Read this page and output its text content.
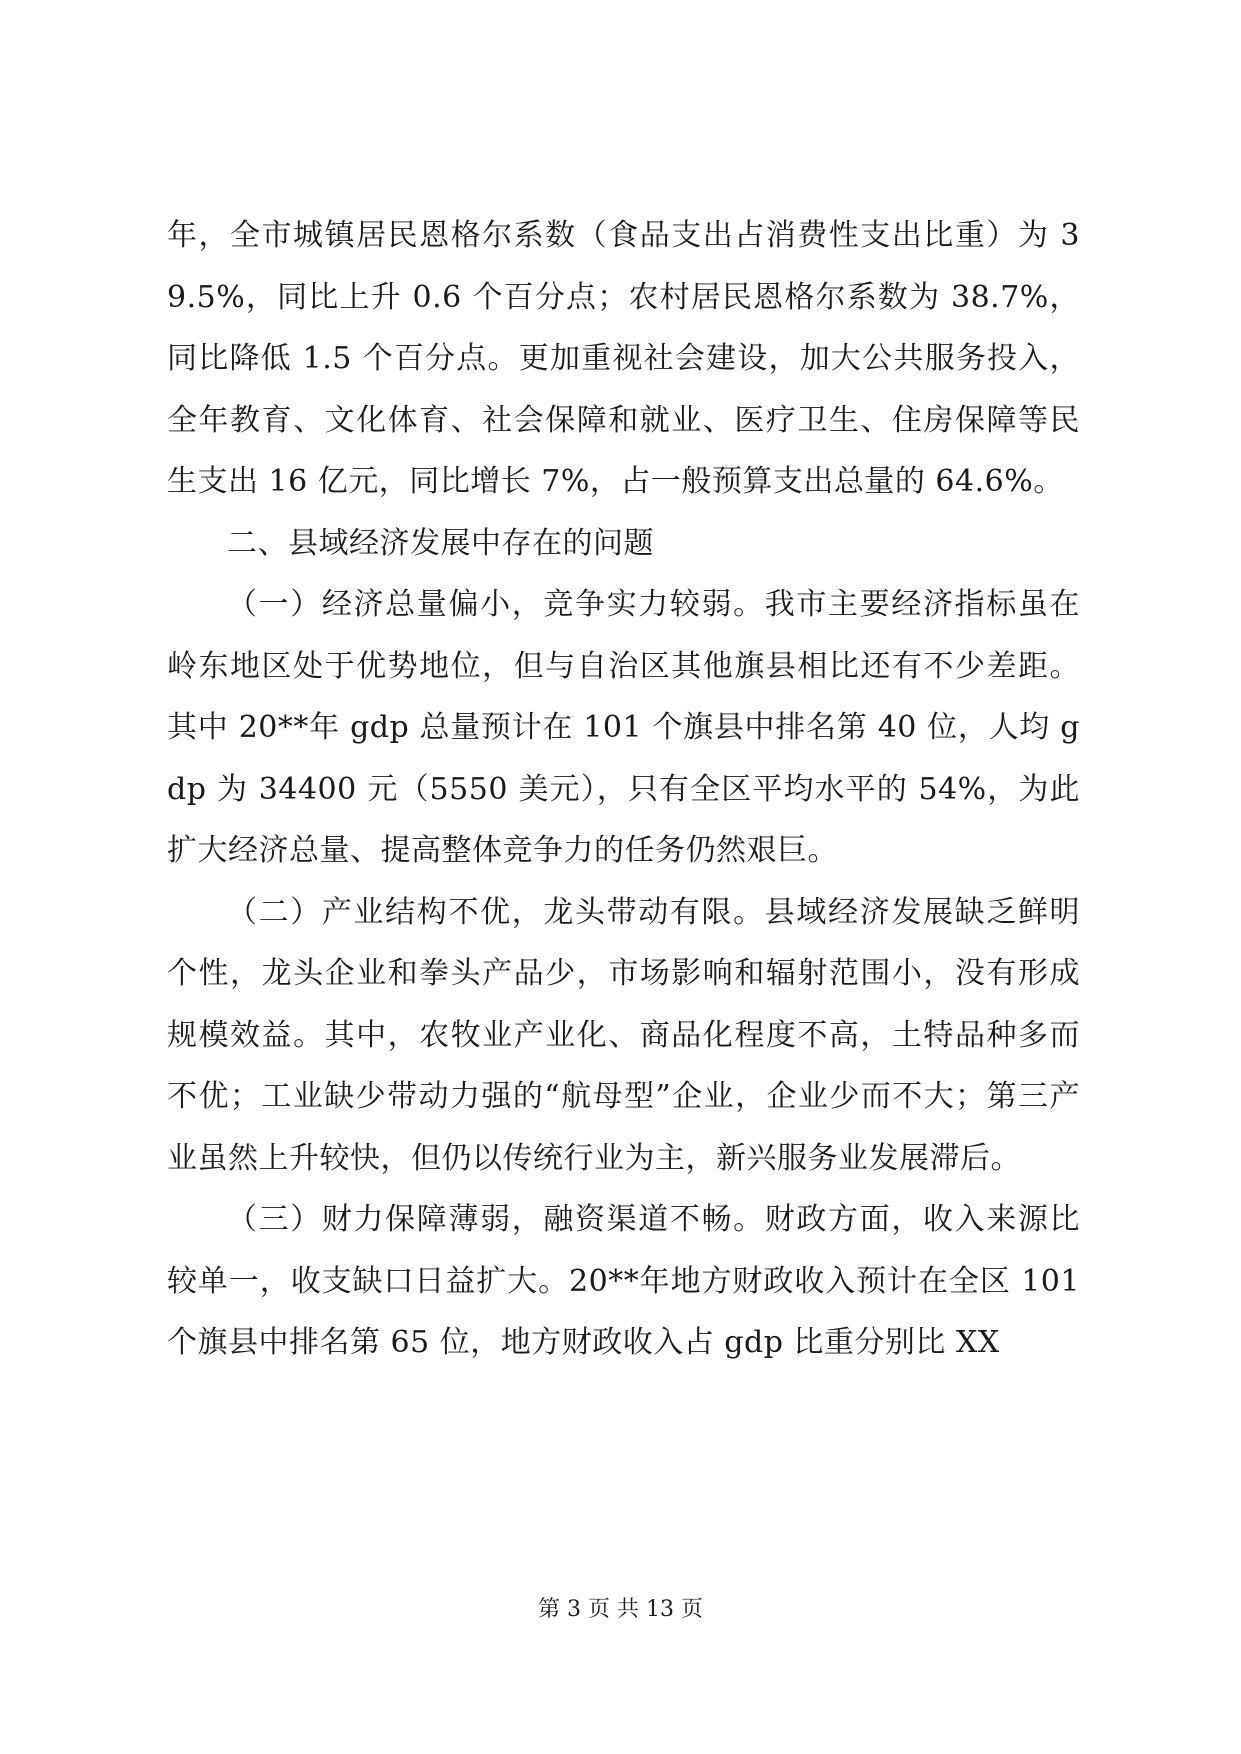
年，全市城镇居民恩格尔系数（食品支出占消费性支出比重）为 39.5%，同比上升 0.6 个百分点；农村居民恩格尔系数为 38.7%，同比降低 1.5 个百分点。更加重视社会建设，加大公共服务投入，全年教育、文化体育、社会保障和就业、医疗卫生、住房保障等民生支出 16 亿元，同比增长 7%，占一般预算支出总量的 64.6%。

二、县域经济发展中存在的问题

（一）经济总量偏小，竞争实力较弱。我市主要经济指标虽在岭东地区处于优势地位，但与自治区其他旗县相比还有不少差距。其中 20**年 gdp 总量预计在 101 个旗县中排名第 40 位，人均 gdp 为 34400 元（5550 美元），只有全区平均水平的 54%，为此扩大经济总量、提高整体竞争力的任务仍然艰巨。

（二）产业结构不优，龙头带动有限。县域经济发展缺乏鲜明个性，龙头企业和拳头产品少，市场影响和辐射范围小，没有形成规模效益。其中，农牧业产业化、商品化程度不高，土特品种多而不优；工业缺少带动力强的“航母型”企业，企业少而不大；第三产业虽然上升较快，但仍以传统行业为主，新兴服务业发展滞后。

（三）财力保障薄弱，融资渠道不畅。财政方面，收入来源比较单一，收支缺口日益扩大。20**年地方财政收入预计在全区 101 个旗县中排名第 65 位，地方财政收入占 gdp 比重分别比 XX

第 3 页 共 13 页
